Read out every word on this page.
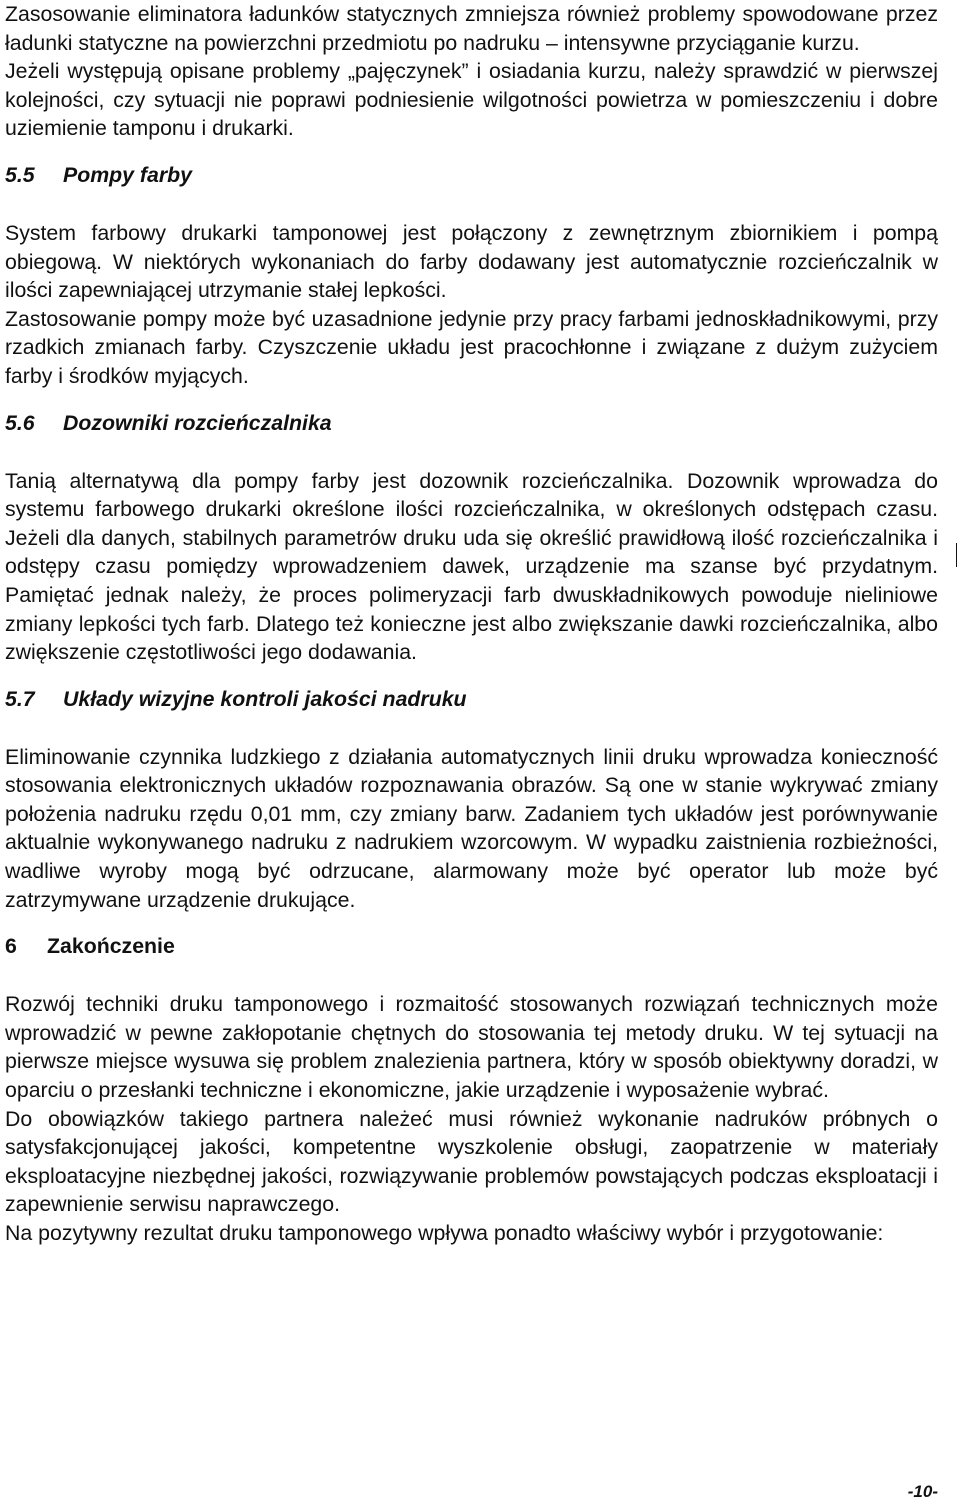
Zasosowanie eliminatora ładunków statycznych zmniejsza również problemy spowodowane przez ładunki statyczne na powierzchni przedmiotu po nadruku – intensywne przyciąganie kurzu.

Jeżeli występują opisane problemy „pajęczynek” i osiadania kurzu, należy sprawdzić w pierwszej kolejności, czy sytuacji nie poprawi podniesienie wilgotności powietrza w pomieszczeniu i dobre uziemienie tamponu i drukarki.

5.5	Pompy farby

System farbowy drukarki tamponowej jest połączony z zewnętrznym zbiornikiem i pompą obiegową. W niektórych wykonaniach do farby dodawany jest automatycznie rozcieńczalnik w ilości zapewniającej utrzymanie stałej lepkości.

Zastosowanie pompy może być uzasadnione jedynie przy pracy farbami jednoskładnikowymi, przy rzadkich zmianach farby. Czyszczenie układu jest pracochłonne i związane z dużym zużyciem farby i środków myjących.

5.6	Dozowniki rozcieńczalnika

Tanią alternatywą dla pompy farby jest dozownik rozcieńczalnika. Dozownik wprowadza do systemu farbowego drukarki określone ilości rozcieńczalnika, w określonych odstępach czasu. Jeżeli dla danych, stabilnych parametrów druku uda się określić prawidłową ilość rozcieńczalnika i odstępy czasu pomiędzy wprowadzeniem dawek, urządzenie ma szanse być przydatnym. Pamiętać jednak należy, że proces polimeryzacji farb dwuskładnikowych powoduje nieliniowe zmiany lepkości tych farb. Dlatego też konieczne jest albo zwiększanie dawki rozcieńczalnika, albo zwiększenie częstotliwości jego dodawania.

5.7	Układy wizyjne kontroli jakości nadruku

Eliminowanie czynnika ludzkiego z działania automatycznych linii druku wprowadza konieczność stosowania elektronicznych układów rozpoznawania obrazów. Są one w stanie wykrywać zmiany położenia nadruku rzędu 0,01 mm, czy zmiany barw. Zadaniem tych układów jest porównywanie aktualnie wykonywanego nadruku z nadrukiem wzorcowym. W wypadku zaistnienia rozbieżności, wadliwe wyroby mogą być odrzucane, alarmowany może być operator lub może być zatrzymywane urządzenie drukujące.

6	Zakończenie

Rozwój techniki druku tamponowego i rozmaitość stosowanych rozwiązań technicznych może wprowadzić w pewne zakłopotanie chętnych do stosowania tej metody druku. W tej sytuacji na pierwsze miejsce wysuwa się problem znalezienia partnera, który w sposób obiektywny doradzi, w oparciu o przesłanki techniczne i ekonomiczne, jakie urządzenie i wyposażenie wybrać.

Do obowiązków takiego partnera należeć musi również wykonanie nadruków próbnych o satysfakcjonującej jakości, kompetentne wyszkolenie obsługi, zaopatrzenie w materiały eksploatacyjne niezbędnej jakości, rozwiązywanie problemów powstających podczas eksploatacji i zapewnienie serwisu naprawczego.

Na pozytywny rezultat druku tamponowego wpływa ponadto właściwy wybór i przygotowanie:

-10-
